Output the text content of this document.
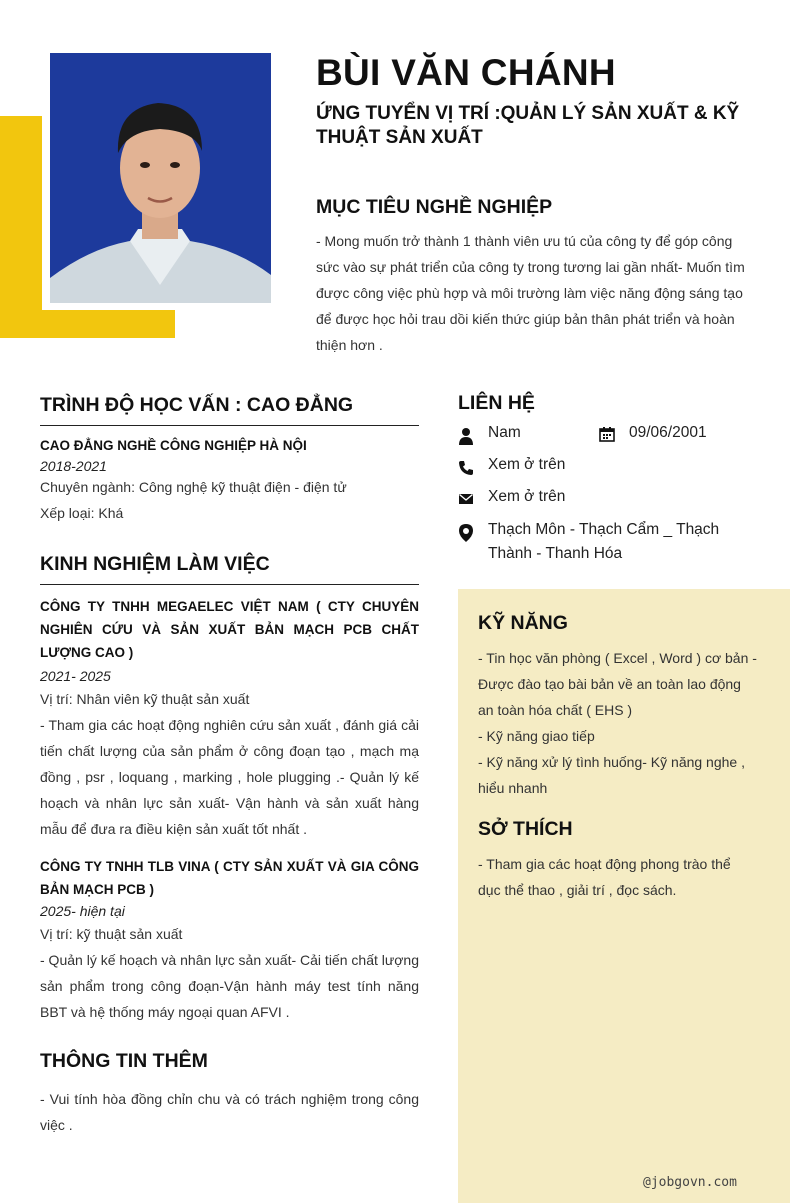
BÙI VĂN CHÁNH
ỨNG TUYỂN VỊ TRÍ :QUẢN LÝ SẢN XUẤT & KỸ THUẬT SẢN XUẤT
MỤC TIÊU NGHỀ NGHIỆP
- Mong muốn trở thành 1 thành viên ưu tú của công ty để góp công sức vào sự phát triển của công ty trong tương lai gần nhất- Muốn tìm được công việc phù hợp và môi trường làm việc năng động sáng tạo để được học hỏi trau dồi kiến thức giúp bản thân phát triển và hoàn thiện hơn .
TRÌNH ĐỘ HỌC VẤN : CAO ĐẲNG
CAO ĐẲNG NGHỀ CÔNG NGHIỆP HÀ NỘI
2018-2021
Chuyên ngành: Công nghệ kỹ thuật điện - điện tử
Xếp loại: Khá
KINH NGHIỆM LÀM VIỆC
CÔNG TY TNHH MEGAELEC VIỆT NAM ( CTY CHUYÊN NGHIÊN CỨU VÀ SẢN XUẤT BẢN MẠCH PCB CHẤT LƯỢNG CAO )
2021- 2025
Vị trí: Nhân viên kỹ thuật sản xuất
- Tham gia các hoạt động nghiên cứu sản xuất , đánh giá cải tiến chất lượng của sản phẩm ở công đoạn tạo , mạch mạ đồng , psr , loquang , marking , hole plugging .- Quản lý kế hoạch và nhân lực sản xuất- Vận hành và sản xuất hàng mẫu để đưa ra điều kiện sản xuất tốt nhất .
CÔNG TY TNHH TLB VINA ( CTY SẢN XUẤT VÀ GIA CÔNG BẢN MẠCH PCB )
2025- hiện tại
Vị trí: kỹ thuật sản xuất
- Quản lý kế hoạch và nhân lực sản xuất- Cải tiến chất lượng sản phẩm trong công đoạn-Vận hành máy test tính năng BBT và hệ thống máy ngoại quan AFVI .
THÔNG TIN THÊM
- Vui tính hòa đồng chỉn chu và có trách nghiệm trong công việc .
LIÊN HỆ
Nam	09/06/2001
Xem ở trên
Xem ở trên
Thạch Môn - Thạch Cẩm _ Thạch Thành - Thanh Hóa
KỸ NĂNG
- Tin học văn phòng ( Excel , Word ) cơ bản - Được đào tạo bài bản về an toàn lao động an toàn hóa chất ( EHS )
- Kỹ năng giao tiếp
- Kỹ năng xử lý tình huống- Kỹ năng nghe , hiểu nhanh
SỞ THÍCH
- Tham gia các hoạt động phong trào thể dục thể thao , giải trí , đọc sách.
@jobgovn.com
